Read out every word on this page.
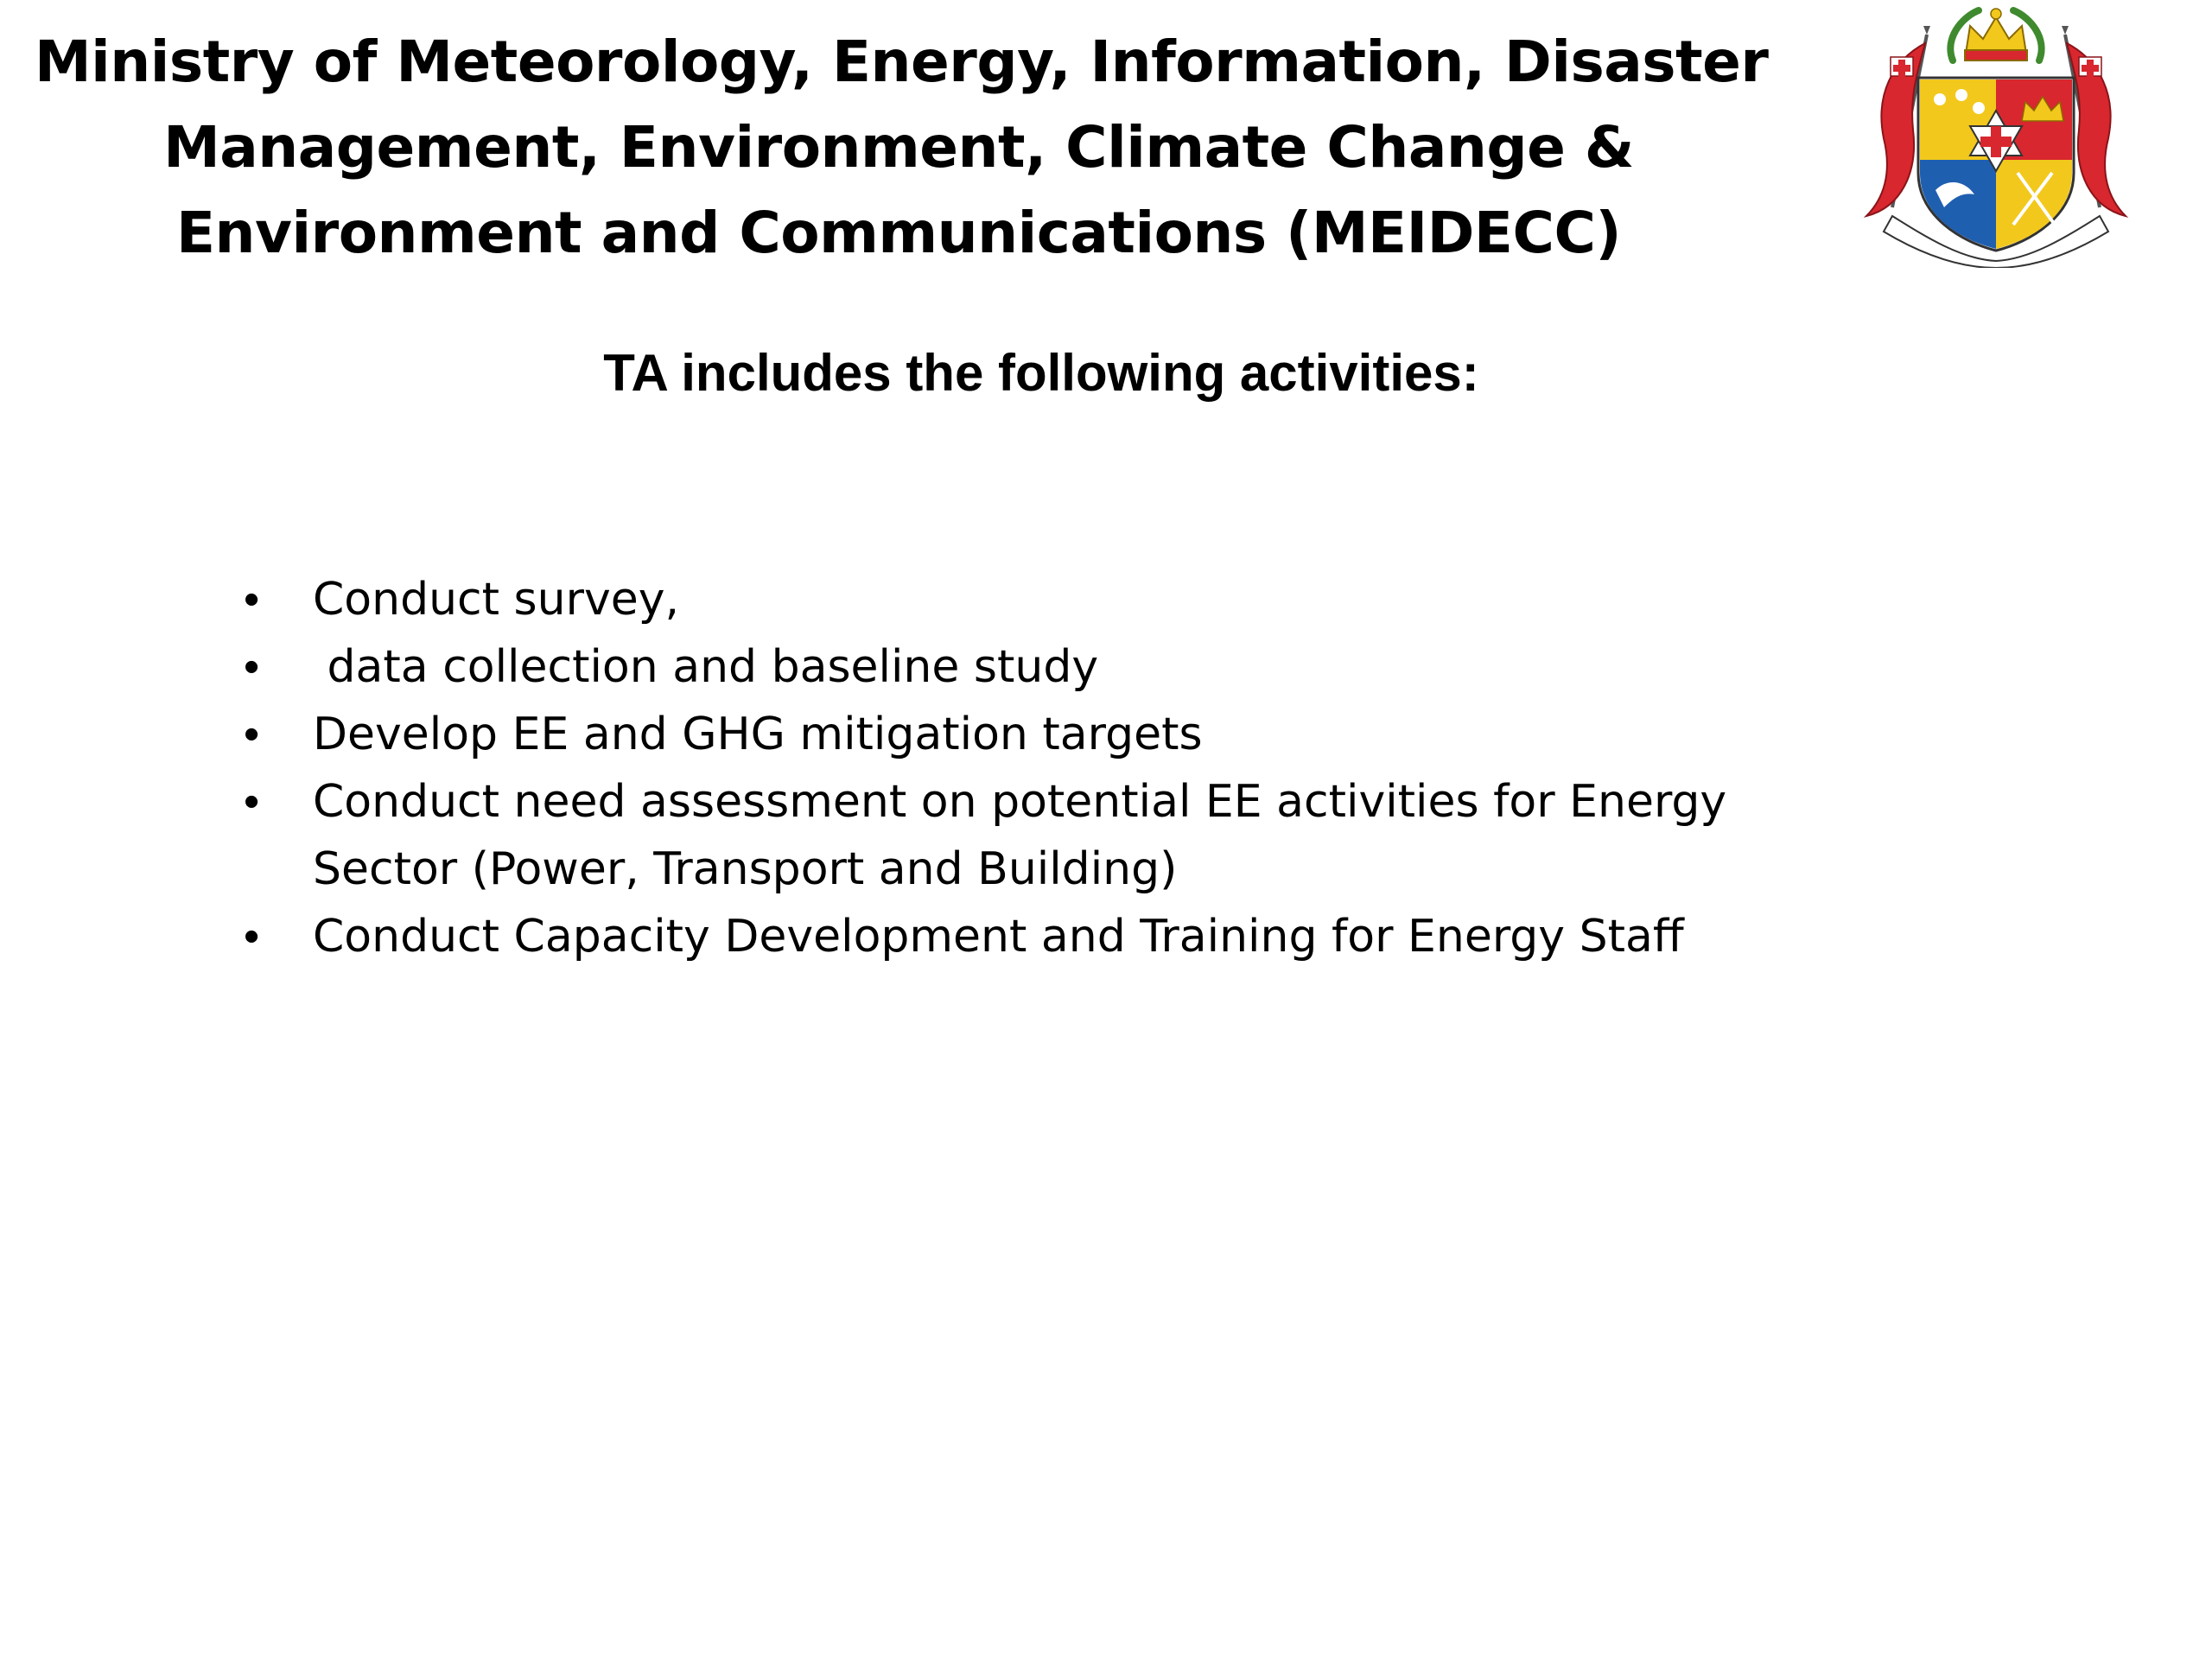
Ministry of Meteorology, Energy, Information, Disaster
Management, Environment, Climate Change &
Environment and Communications (MEIDECC)
TA includes the following activities:
• Conduct survey,
• data collection and baseline study
• Develop EE and GHG mitigation targets
• Conduct need assessment on potential EE activities for Energy Sector (Power, Transport and Building)
• Conduct Capacity Development and Training for Energy Staff
